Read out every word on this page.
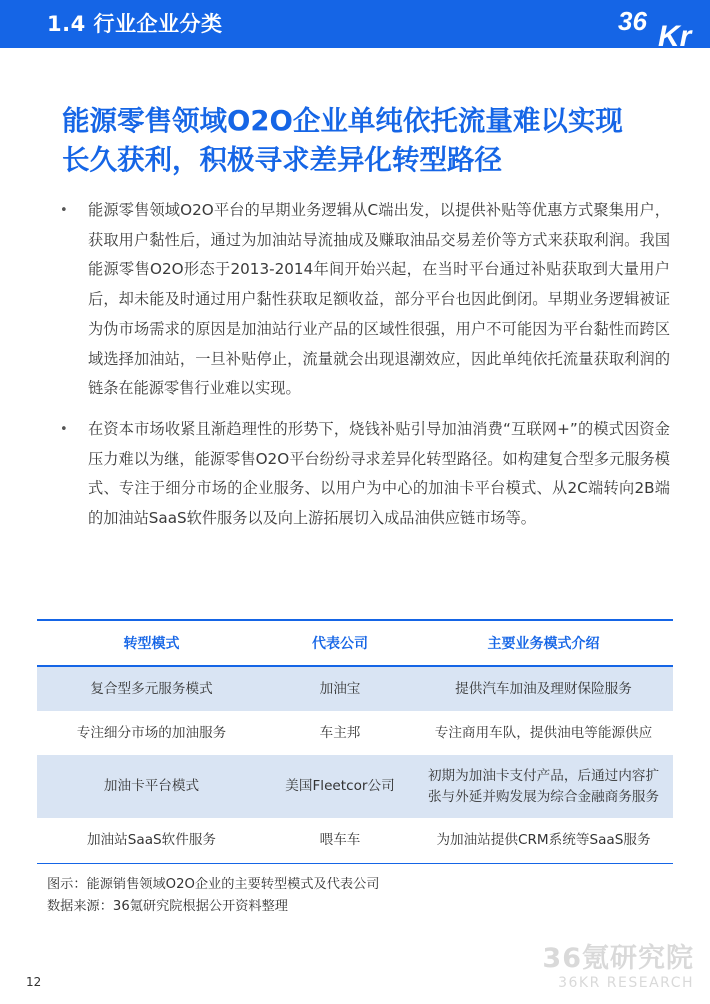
1.4 行业企业分类	36 Kr
能源零售领域O2O企业单纯依托流量难以实现
长久获利，积极寻求差异化转型路径
• 能源零售领域O2O平台的早期业务逻辑从C端出发，以提供补贴等优惠方式聚集用户，获取用户黏性后，通过为加油站导流抽成及赚取油品交易差价等方式来获取利润。我国能源零售O2O形态于2013-2014年间开始兴起，在当时平台通过补贴获取到大量用户后，却未能及时通过用户黏性获取足额收益，部分平台也因此倒闭。早期业务逻辑被证为伪市场需求的原因是加油站行业产品的区域性很强，用户不可能因为平台黏性而跨区域选择加油站，一旦补贴停止，流量就会出现退潮效应，因此单纯依托流量获取利润的链条在能源零售行业难以实现。
• 在资本市场收紧且渐趋理性的形势下，烧钱补贴引导加油消费“互联网+”的模式因资金压力难以为继，能源零售O2O平台纷纷寻求差异化转型路径。如构建复合型多元服务模式、专注于细分市场的企业服务、以用户为中心的加油卡平台模式、从2C端转向2B端的加油站SaaS软件服务以及向上游拓展切入成品油供应链市场等。
转型模式	代表公司	主要业务模式介绍
复合型多元服务模式	加油宝	提供汽车加油及理财保险服务
专注细分市场的加油服务	车主邦	专注商用车队，提供油电等能源供应
加油卡平台模式	美国Fleetcor公司	初期为加油卡支付产品，后通过内容扩张与外延并购发展为综合金融商务服务
加油站SaaS软件服务	喂车车	为加油站提供CRM系统等SaaS服务
图示：能源销售领域O2O企业的主要转型模式及代表公司
数据来源：36氪研究院根据公开资料整理
36氪研究院
36KR RESEARCH
12
